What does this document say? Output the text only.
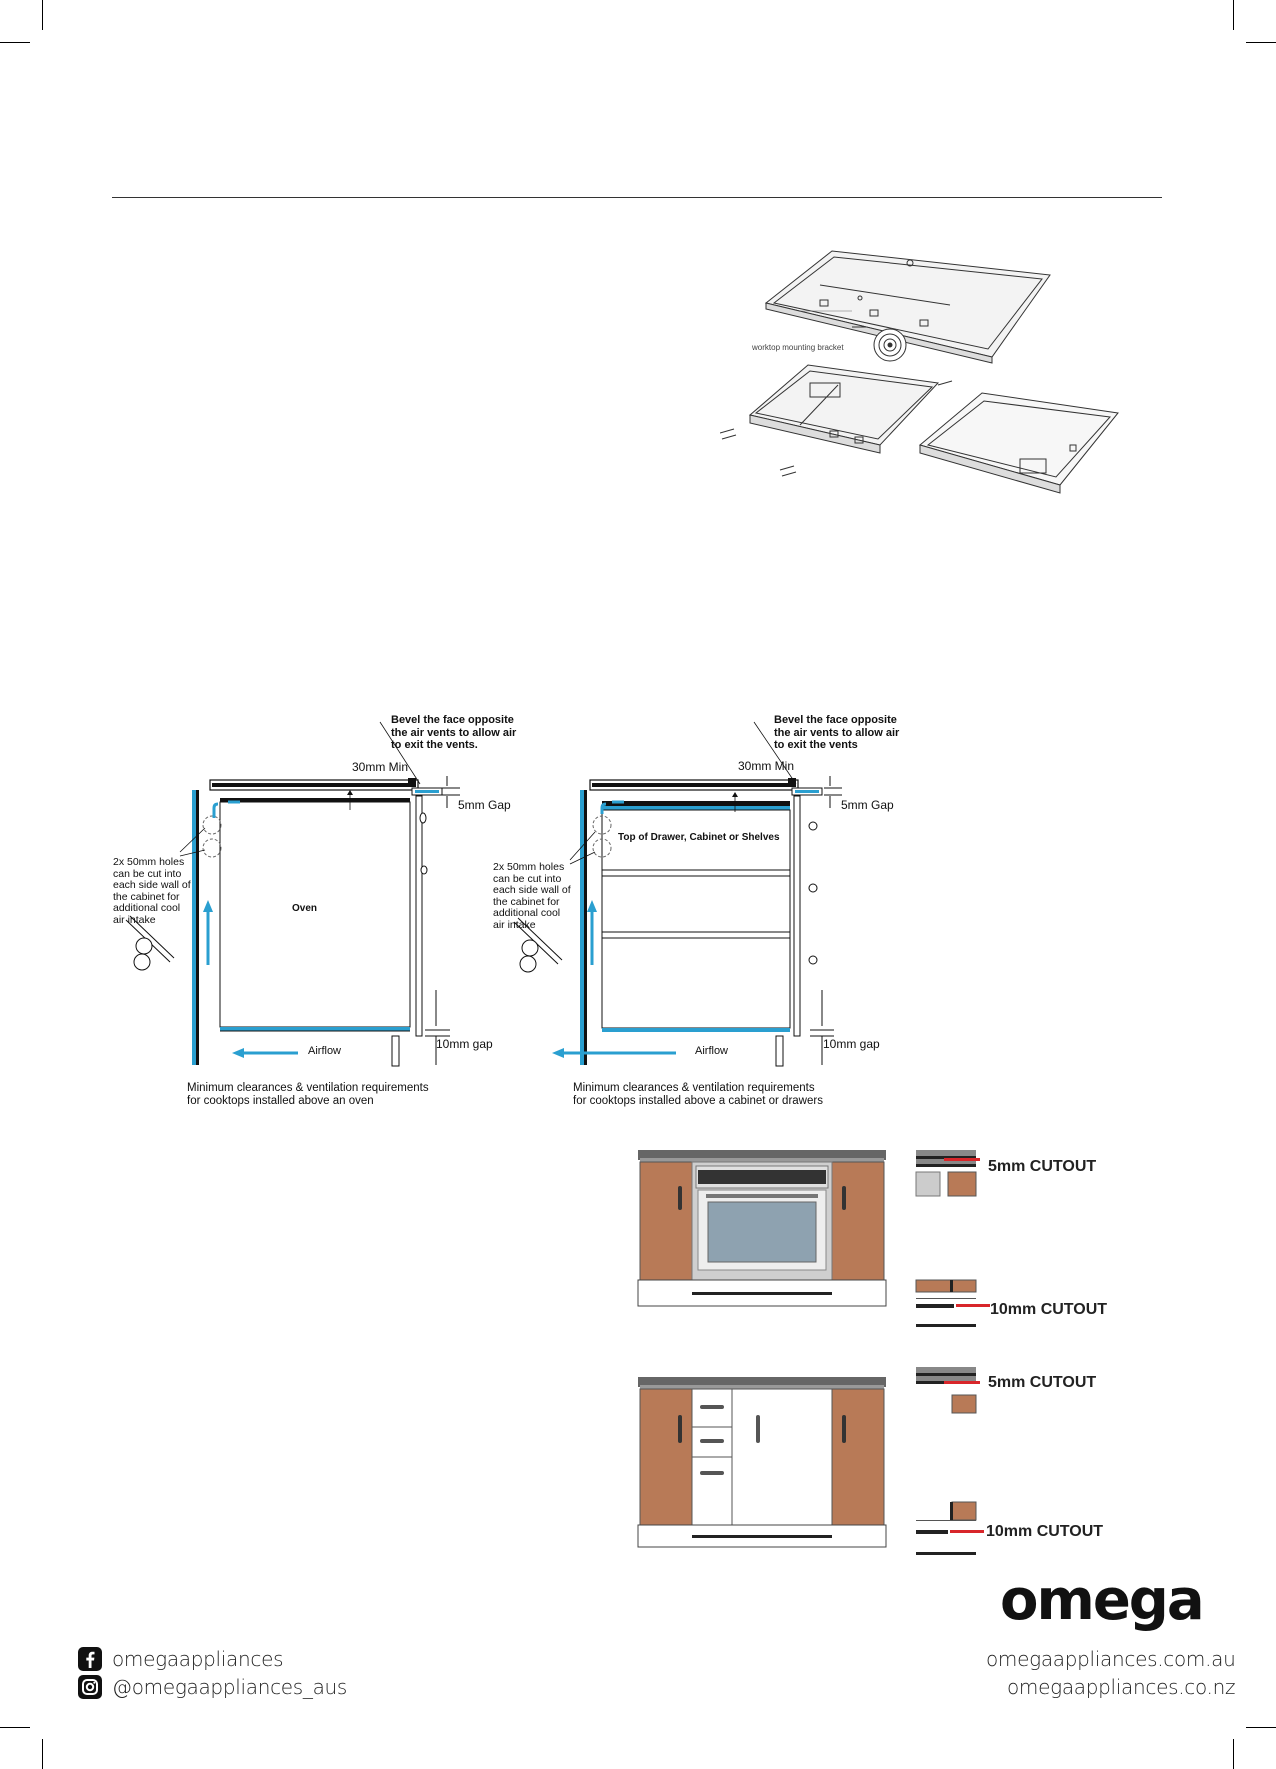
worktop mounting bracket
Bevel the face opposite
the air vents to allow air
to exit the vents.
30mm Min
5mm Gap
2x 50mm holes
can be cut into
each side wall of
the cabinet for
additional cool
air intake
Oven
Airflow	10mm gap
Minimum clearances & ventilation requirements
for cooktops installed above an oven
Bevel the face opposite
the air vents to allow air
to exit the vents
30mm Min
5mm Gap
2x 50mm holes
can be cut into
each side wall of
the cabinet for
additional cool
air intake
Top of Drawer, Cabinet or Shelves
Airflow	10mm gap
Minimum clearances & ventilation requirements
for cooktops installed above a cabinet or drawers
5mm CUTOUT
10mm CUTOUT
5mm CUTOUT
10mm CUTOUT
omega
omegaappliances
@omegaappliances_aus
omegaappliances.com.au
omegaappliances.co.nz
